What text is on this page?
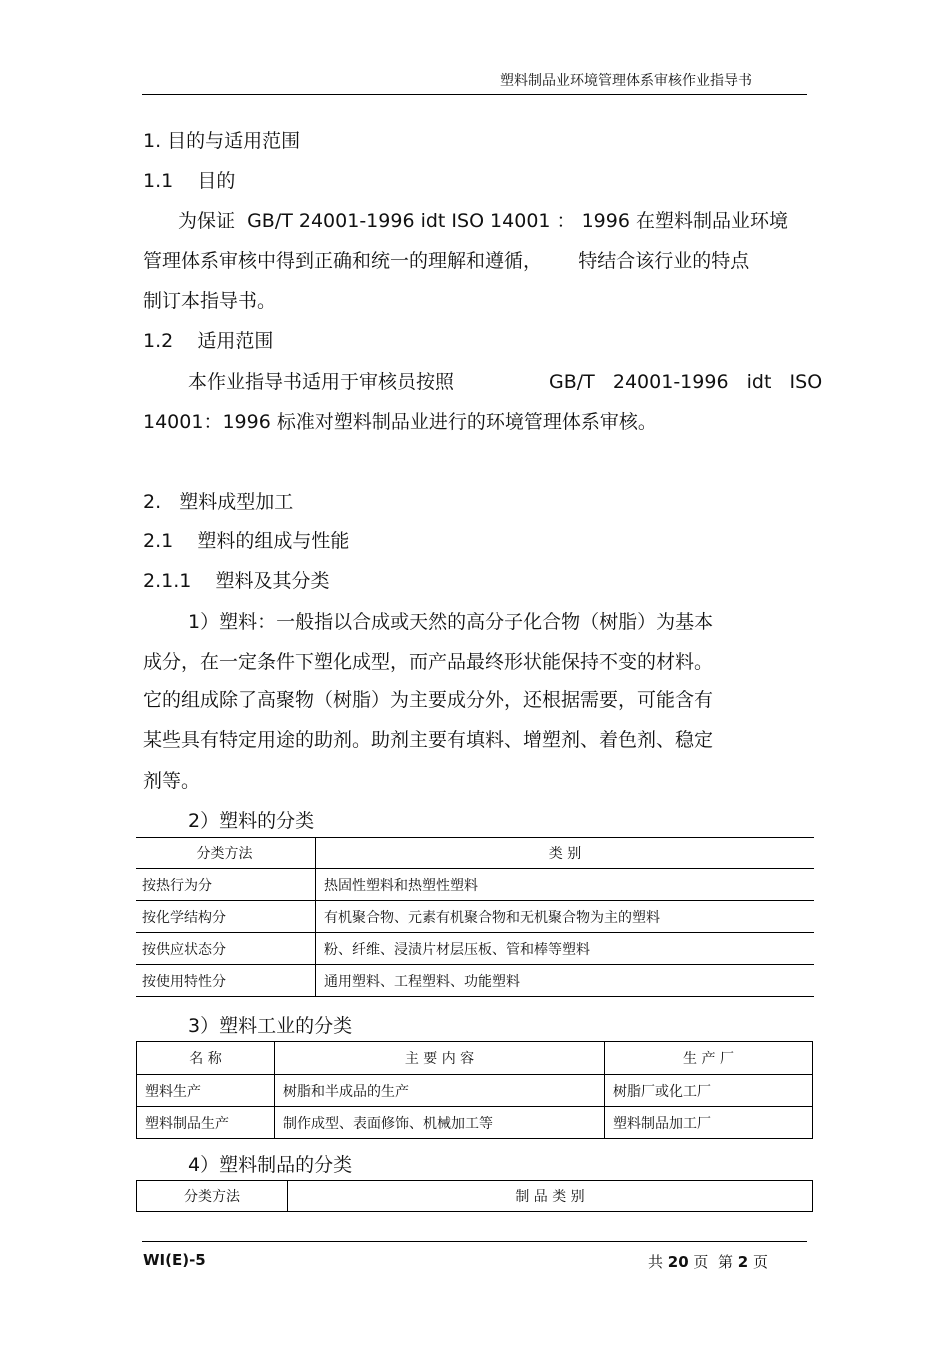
塑料制品业环境管理体系审核作业指导书
1. 目的与适用范围
1.1    目的
为保证  GB/T 24001-1996 idt ISO 14001 ： 1996 在塑料制品业环境
管理体系审核中得到正确和统一的理解和遵循，      特结合该行业的特点
制订本指导书。
1.2    适用范围
本作业指导书适用于审核员按照	GB/T   24001-1996   idt   ISO
14001：1996 标准对塑料制品业进行的环境管理体系审核。
2.   塑料成型加工
2.1    塑料的组成与性能
2.1.1    塑料及其分类
1）塑料：一般指以合成或天然的高分子化合物（树脂）为基本
成分，在一定条件下塑化成型，而产品最终形状能保持不变的材料。
它的组成除了高聚物（树脂）为主要成分外，还根据需要，可能含有
某些具有特定用途的助剂。助剂主要有填料、增塑剂、着色剂、稳定
剂等。
2）塑料的分类
分类方法	类 别
按热行为分	热固性塑料和热塑性塑料
按化学结构分	有机聚合物、元素有机聚合物和无机聚合物为主的塑料
按供应状态分	粉、纤维、浸渍片材层压板、管和棒等塑料
按使用特性分	通用塑料、工程塑料、功能塑料
3）塑料工业的分类
名 称	主 要 内 容	生 产 厂
塑料生产	树脂和半成品的生产	树脂厂或化工厂
塑料制品生产	制作成型、表面修饰、机械加工等	塑料制品加工厂
4）塑料制品的分类
分类方法	制 品 类 别
WI(E)-5	共 20 页  第 2 页
